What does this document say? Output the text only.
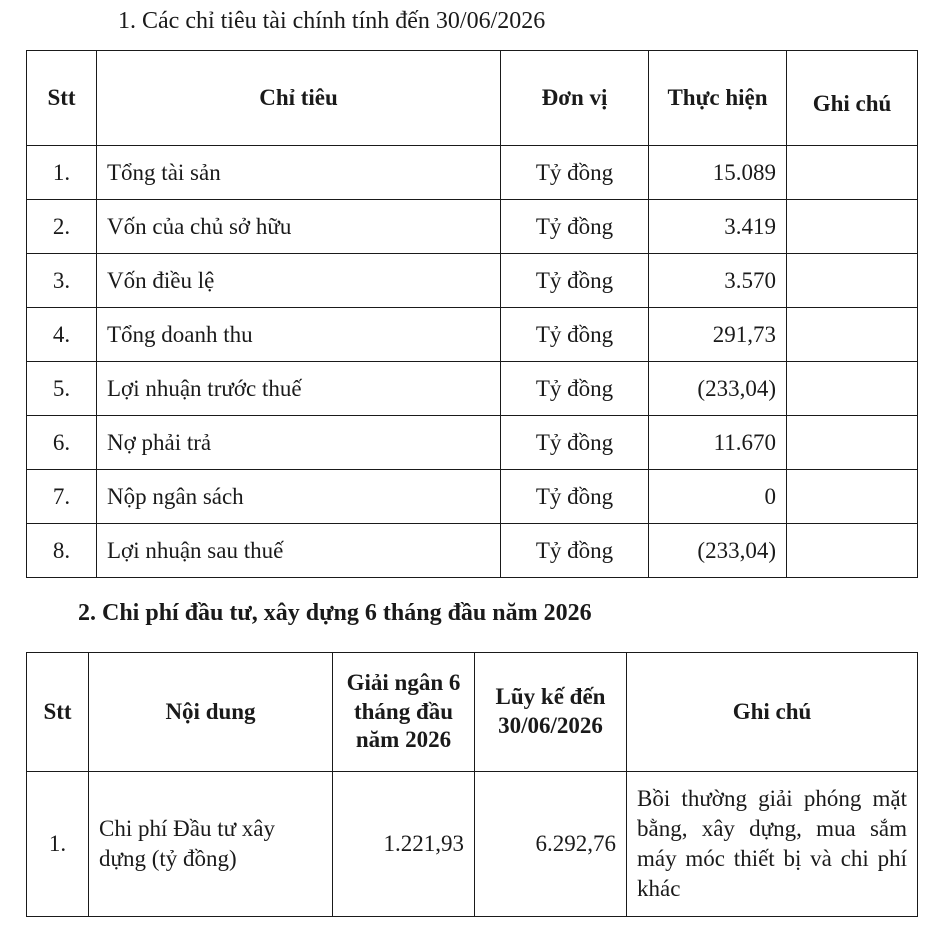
1. Các chỉ tiêu tài chính tính đến 30/06/2026
Stt	Chỉ tiêu	Đơn vị	Thực hiện	Ghi chú
1.	Tổng tài sản	Tỷ đồng	15.089	
2.	Vốn của chủ sở hữu	Tỷ đồng	3.419	
3.	Vốn điều lệ	Tỷ đồng	3.570	
4.	Tổng doanh thu	Tỷ đồng	291,73	
5.	Lợi nhuận trước thuế	Tỷ đồng	(233,04)	
6.	Nợ phải trả	Tỷ đồng	11.670	
7.	Nộp ngân sách	Tỷ đồng	0	
8.	Lợi nhuận sau thuế	Tỷ đồng	(233,04)	
2. Chi phí đầu tư, xây dựng 6 tháng đầu năm 2026
Stt	Nội dung	Giải ngân 6 tháng đầu năm 2026	Lũy kế đến 30/06/2026	Ghi chú
1.	Chi phí Đầu tư xây dựng (tỷ đồng)	1.221,93	6.292,76	Bồi thường giải phóng mặt bằng, xây dựng, mua sắm máy móc thiết bị và chi phí khác
